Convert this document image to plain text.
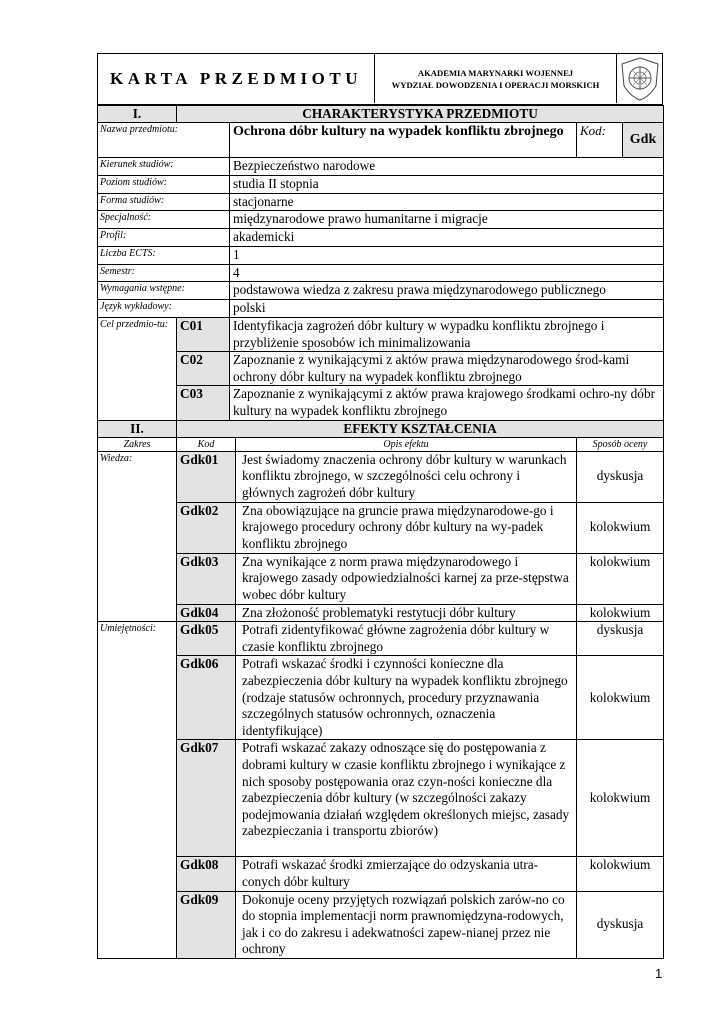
KARTA PRZEDMIOTU	AKADEMIA MARYNARKI WOJENNEJ
WYDZIAŁ DOWODZENIA I OPERACJI MORSKICH
I.	CHARAKTERYSTYKA PRZEDMIOTU				
Nazwa przedmiotu:		Ochrona dóbr kultury na wypadek konfliktu zbrojnego		Kod:	Gdk
Kierunek studiów:		Bezpieczeństwo narodowe			
Poziom studiów:		studia II stopnia			
Forma studiów:		stacjonarne			
Specjalność:		międzynarodowe prawo humanitarne i migracje			
Profil:		akademicki			
Liczba ECTS:		1			
Semestr:		4			
Wymagania wstępne:		podstawowa wiedza z zakresu prawa międzynarodowego publicznego			
Język wykładowy:		polski			
Cel przedmio-tu:	C01	Identyfikacja zagrożeń dóbr kultury w wypadku konfliktu zbrojnego i przybliżenie sposobów ich minimalizowania			
	C02	Zapoznanie z wynikającymi z aktów prawa międzynarodowego środ-kami ochrony dóbr kultury na wypadek konfliktu zbrojnego			
	C03	Zapoznanie z wynikającymi z aktów prawa krajowego środkami ochro-ny dóbr kultury na wypadek konfliktu zbrojnego			
II.	EFEKTY KSZTAŁCENIA				
Zakres	Kod		Opis efektu	Sposób oceny	
Wiedza:	Gdk01		Jest świadomy znaczenia ochrony dóbr kultury w warunkach konfliktu zbrojnego, w szczególności celu ochrony i głównych zagrożeń dóbr kultury	dyskusja	
	Gdk02		Zna obowiązujące na gruncie prawa międzynarodowe-go i krajowego procedury ochrony dóbr kultury na wy-padek konfliktu zbrojnego	kolokwium	
	Gdk03		Zna wynikające z norm prawa międzynarodowego i krajowego zasady odpowiedzialności karnej za prze-stępstwa wobec dóbr kultury	kolokwium	
	Gdk04		Zna złożoność problematyki restytucji dóbr kultury	kolokwium	
Umiejętności:	Gdk05		Potrafi zidentyfikować główne zagrożenia dóbr kultury w czasie konfliktu zbrojnego	dyskusja	
	Gdk06		Potrafi wskazać środki i czynności konieczne dla zabezpieczenia dóbr kultury na wypadek konfliktu zbrojnego (rodzaje statusów ochronnych, procedury przyznawania szczególnych statusów ochronnych, oznaczenia identyfikujące)	kolokwium	
	Gdk07		Potrafi wskazać zakazy odnoszące się do postępowania z dobrami kultury w czasie konfliktu zbrojnego i wynikające z nich sposoby postępowania oraz czyn-ności konieczne dla zabezpieczenia dóbr kultury (w szczególności zakazy podejmowania działań względem określonych miejsc, zasady zabezpieczania i transportu zbiorów)	kolokwium	
	Gdk08		Potrafi wskazać środki zmierzające do odzyskania utra-conych dóbr kultury	kolokwium	
	Gdk09		Dokonuje oceny przyjętych rozwiązań polskich zarów-no co do stopnia implementacji norm prawnomiędzyna-rodowych, jak i co do zakresu i adekwatności zapew-nianej przez nie ochrony	dyskusja	
1
